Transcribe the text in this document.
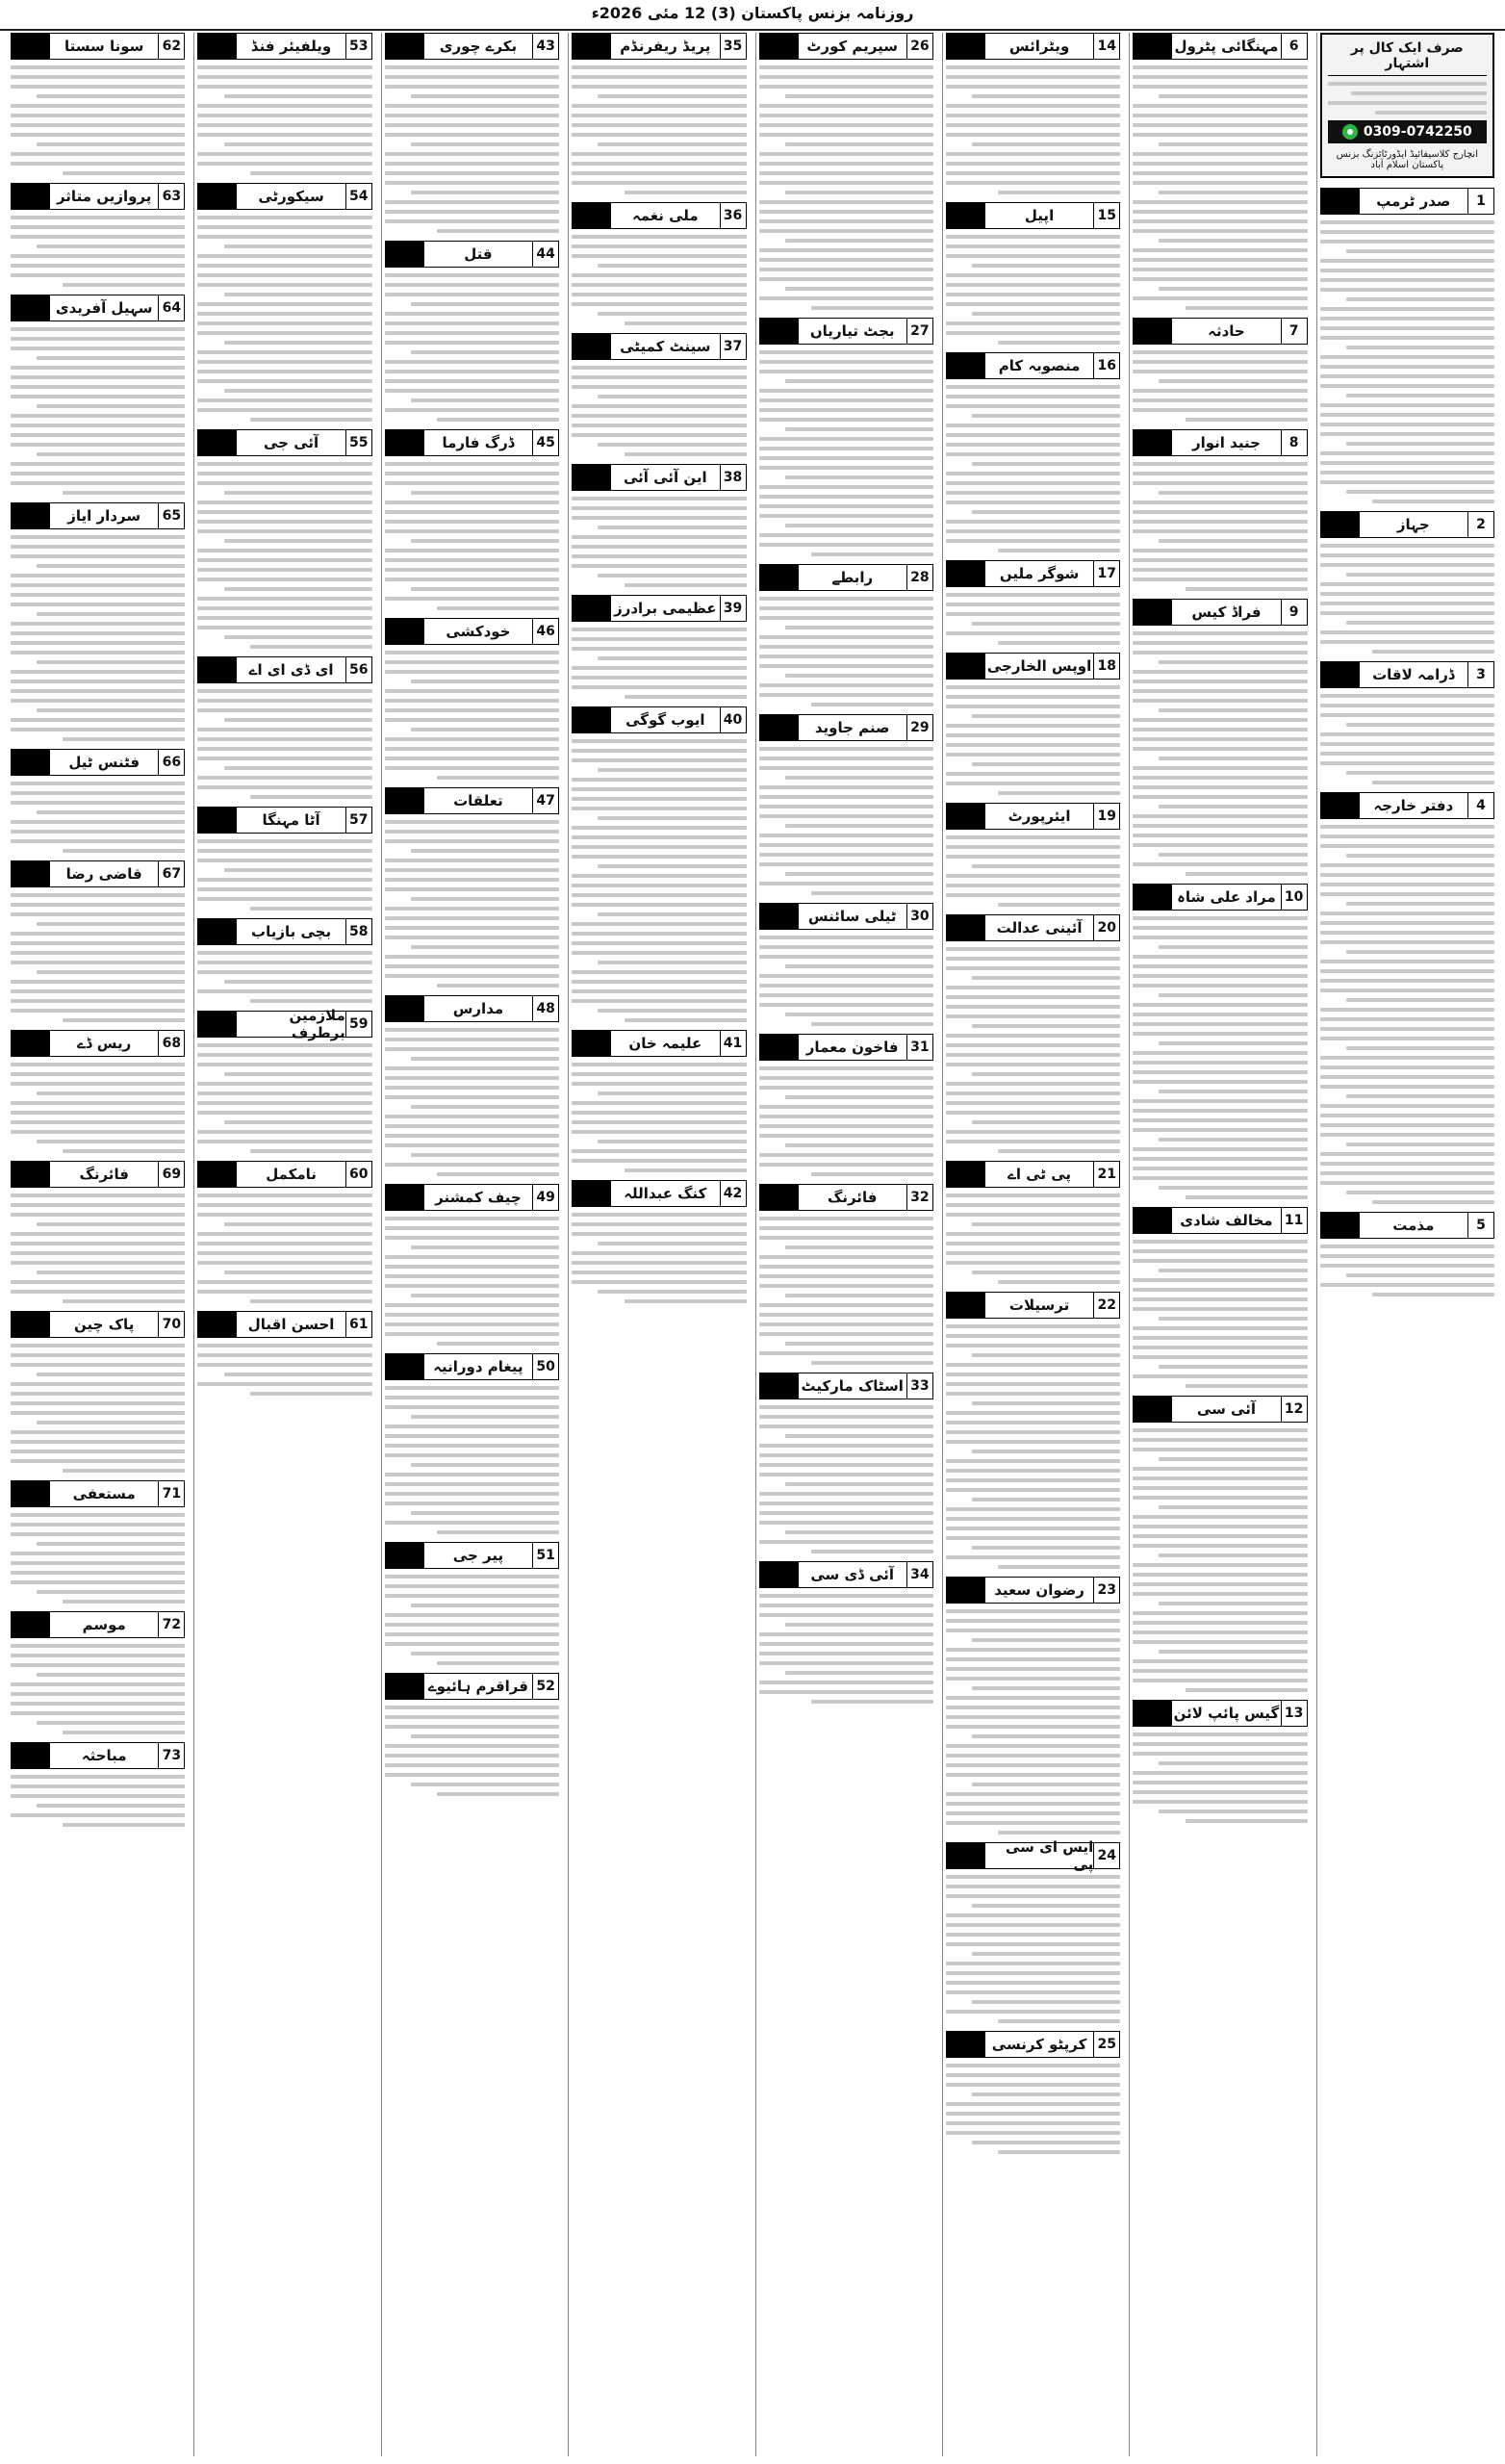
روزنامہ بزنس پاکستان (3) 12 مئی 2026ء
صرف ایک کال پر اشتہار
0309-0742250
انچارج کلاسیفائیڈ ایڈورٹائزنگ بزنس پاکستان اسلام آباد
1
صدر ٹرمپ
2
جہاز
3
ڈرامہ لاقات
4
دفتر خارجہ
5
مذمت
6
مہنگائی پٹرول
7
حادثہ
8
جنید انوار
9
فراڈ کیس
10
مراد علی شاہ
11
مخالف شادی
12
آئی سی
13
گیس پائپ لائن
14
ویٹرائس
15
اپیل
16
منصوبہ کام
17
شوگر ملیں
18
اوپس الخارجی
19
ایئرپورٹ
20
آئینی عدالت
21
پی ٹی اے
22
ترسیلات
23
رضوان سعید
24
ایس ای سی پی
25
کرپٹو کرنسی
26
سپریم کورٹ
27
بجٹ تیاریاں
28
رابطے
29
صنم جاوید
30
ٹیلی سائنس
31
فاخون معمار
32
فائرنگ
33
اسٹاک مارکیٹ
34
آئی ڈی سی
35
پریڈ ریفرنڈم
36
ملی نغمہ
37
سینٹ کمیٹی
38
این آئی آئی
39
عظیمی برادرز
40
ایوب گوگی
41
علیمہ خان
42
کنگ عبداللہ
43
بکرے چوری
44
قتل
45
ڈرگ فارما
46
خودکشی
47
تعلقات
48
مدارس
49
چیف کمشنر
50
پیغام دورانیہ
51
پیر جی
52
قراقرم ہائیوے
53
ویلفیئر فنڈ
54
سیکورٹی
55
آئی جی
56
ای ڈی ای اے
57
آٹا مہنگا
58
بچی بازیاب
59
ملازمین برطرف
60
نامکمل
61
احسن اقبال
62
سونا سستا
63
پروازیں متاثر
64
سہیل آفریدی
65
سردار ایاز
66
فٹنس ٹیل
67
قاضی رضا
68
ریس ڈے
69
فائرنگ
70
پاک چین
71
مستعفی
72
موسم
73
مباحثہ
